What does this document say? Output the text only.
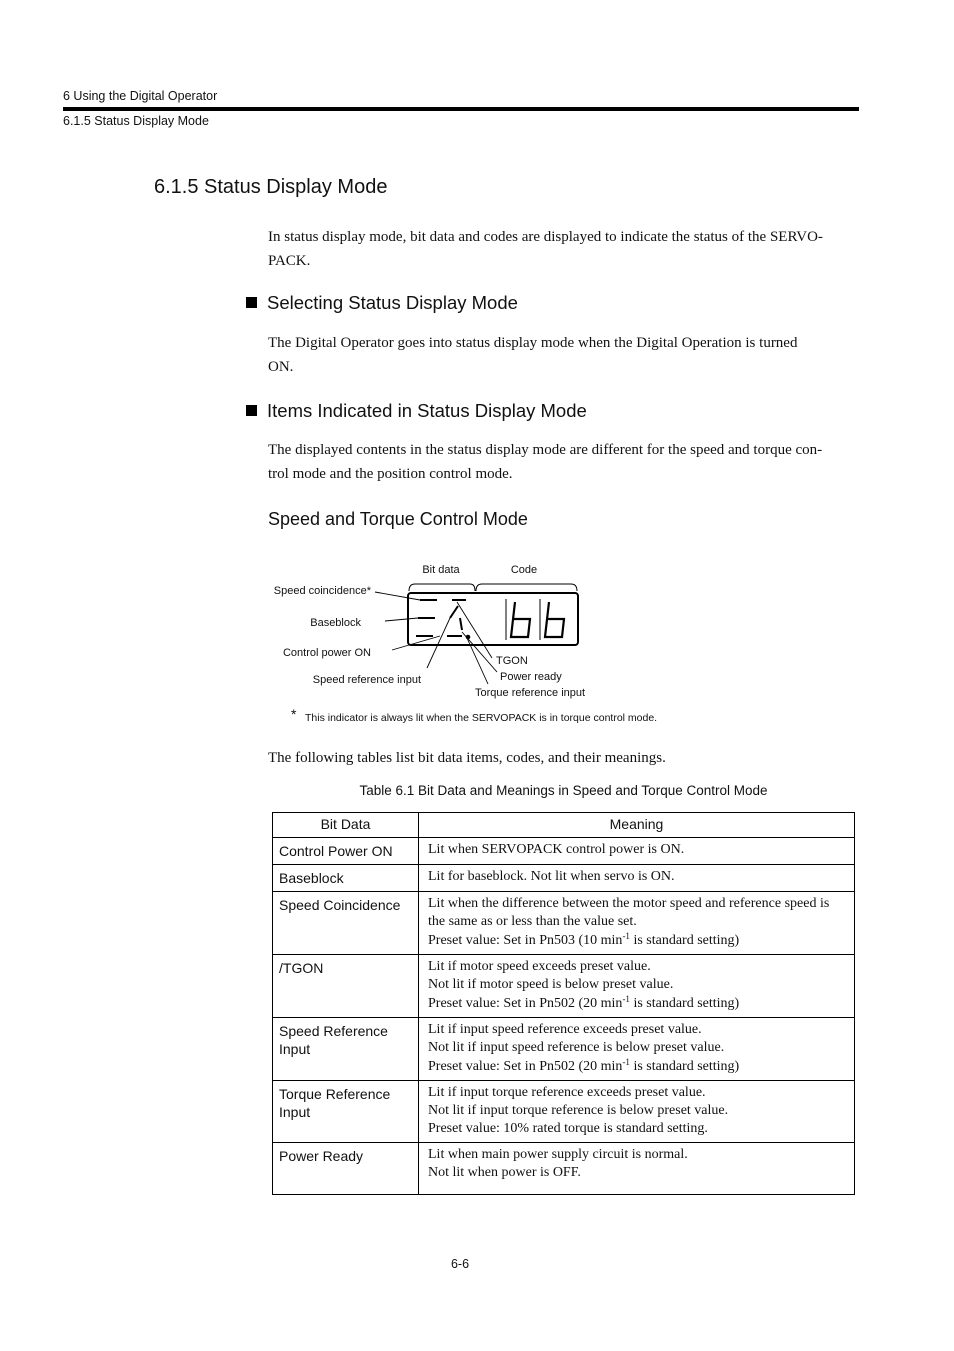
6 Using the Digital Operator
6.1.5 Status Display Mode
6.1.5 Status Display Mode
In status display mode, bit data and codes are displayed to indicate the status of the SERVO-
PACK.
Selecting Status Display Mode
The Digital Operator goes into status display mode when the Digital Operation is turned
ON.
Items Indicated in Status Display Mode
The displayed contents in the status display mode are different for the speed and torque con-
trol mode and the position control mode.
Speed and Torque Control Mode
Bit data	Code
Speed coincidence*
Baseblock
Control power ON
Speed reference input
TGON
Power ready
Torque reference input
* This indicator is always lit when the SERVOPACK is in torque control mode.
The following tables list bit data items, codes, and their meanings.
Table 6.1 Bit Data and Meanings in Speed and Torque Control Mode
Bit Data	Meaning
Control Power ON	Lit when SERVOPACK control power is ON.

Baseblock	Lit for baseblock. Not lit when servo is ON.

Speed Coincidence	Lit when the difference between the motor speed and reference speed is
the same as or less than the value set.
Preset value: Set in Pn503 (10 $\min^{-1}$ is standard setting)

/TGON	Lit if motor speed exceeds preset value.
Not lit if motor speed is below preset value.
Preset value: Set in Pn502 (20 $\min^{-1}$ is standard setting)

Speed Reference Input	Lit if input speed reference exceeds preset value.
Not lit if input speed reference is below preset value.
Preset value: Set in Pn502 (20 $\min^{-1}$ is standard setting)

Torque Reference Input	Lit if input torque reference exceeds preset value.
Not lit if input torque reference is below preset value.
Preset value: 10% rated torque is standard setting.

Power Ready	Lit when main power supply circuit is normal.
Not lit when power is OFF.
6-6
